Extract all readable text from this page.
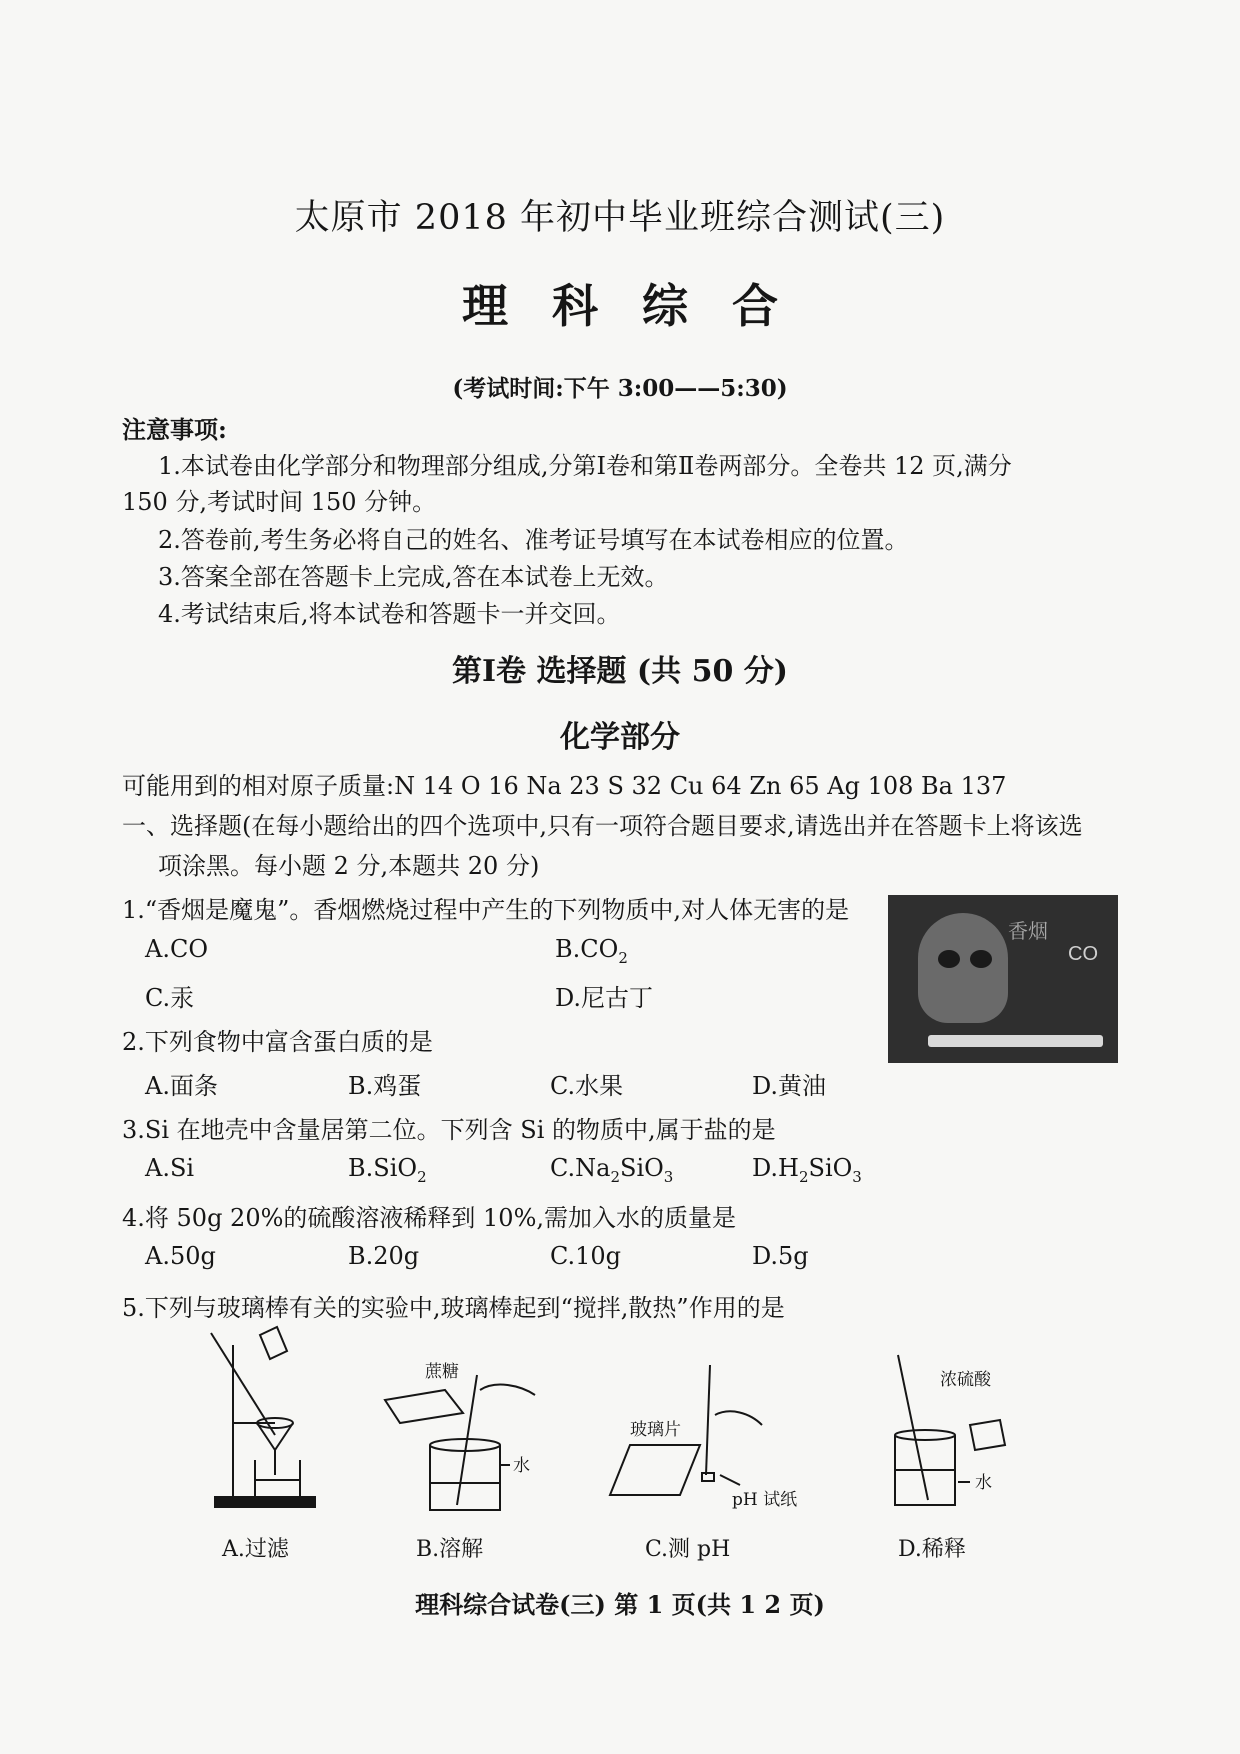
太原市 2018 年初中毕业班综合测试(三)
理科综合
(考试时间:下午 3:00——5:30)
注意事项:
1.本试卷由化学部分和物理部分组成,分第Ⅰ卷和第Ⅱ卷两部分。全卷共 12 页,满分
150 分,考试时间 150 分钟。
2.答卷前,考生务必将自己的姓名、准考证号填写在本试卷相应的位置。
3.答案全部在答题卡上完成,答在本试卷上无效。
4.考试结束后,将本试卷和答题卡一并交回。
第Ⅰ卷 选择题 (共 50 分)
化学部分
可能用到的相对原子质量:N 14 O 16 Na 23 S 32 Cu 64 Zn 65 Ag 108 Ba 137
一、选择题(在每小题给出的四个选项中,只有一项符合题目要求,请选出并在答题卡上将该选
项涂黑。每小题 2 分,本题共 20 分)
1.“香烟是魔鬼”。香烟燃烧过程中产生的下列物质中,对人体无害的是
A.CO	$B.CO_2$
C.汞	D.尼古丁
香烟
CO
2.下列食物中富含蛋白质的是
A.面条	B.鸡蛋	C.水果	D.黄油
3.Si 在地壳中含量居第二位。下列含 Si 的物质中,属于盐的是
A.Si	B.SiO$_2$	$C.Na_2SiO_3$	$D.H_2SiO_3$
4.将 50g 20%的硫酸溶液稀释到 10%,需加入水的质量是
A.50g	B.20g	C.10g	D.5g
5.下列与玻璃棒有关的实验中,玻璃棒起到“搅拌,散热”作用的是
A.过滤
蔗糖
水
B.溶解
玻璃片
pH 试纸
C.测 pH
浓硫酸
水
D.稀释
理科综合试卷(三) 第 1 页(共 1 2 页)
